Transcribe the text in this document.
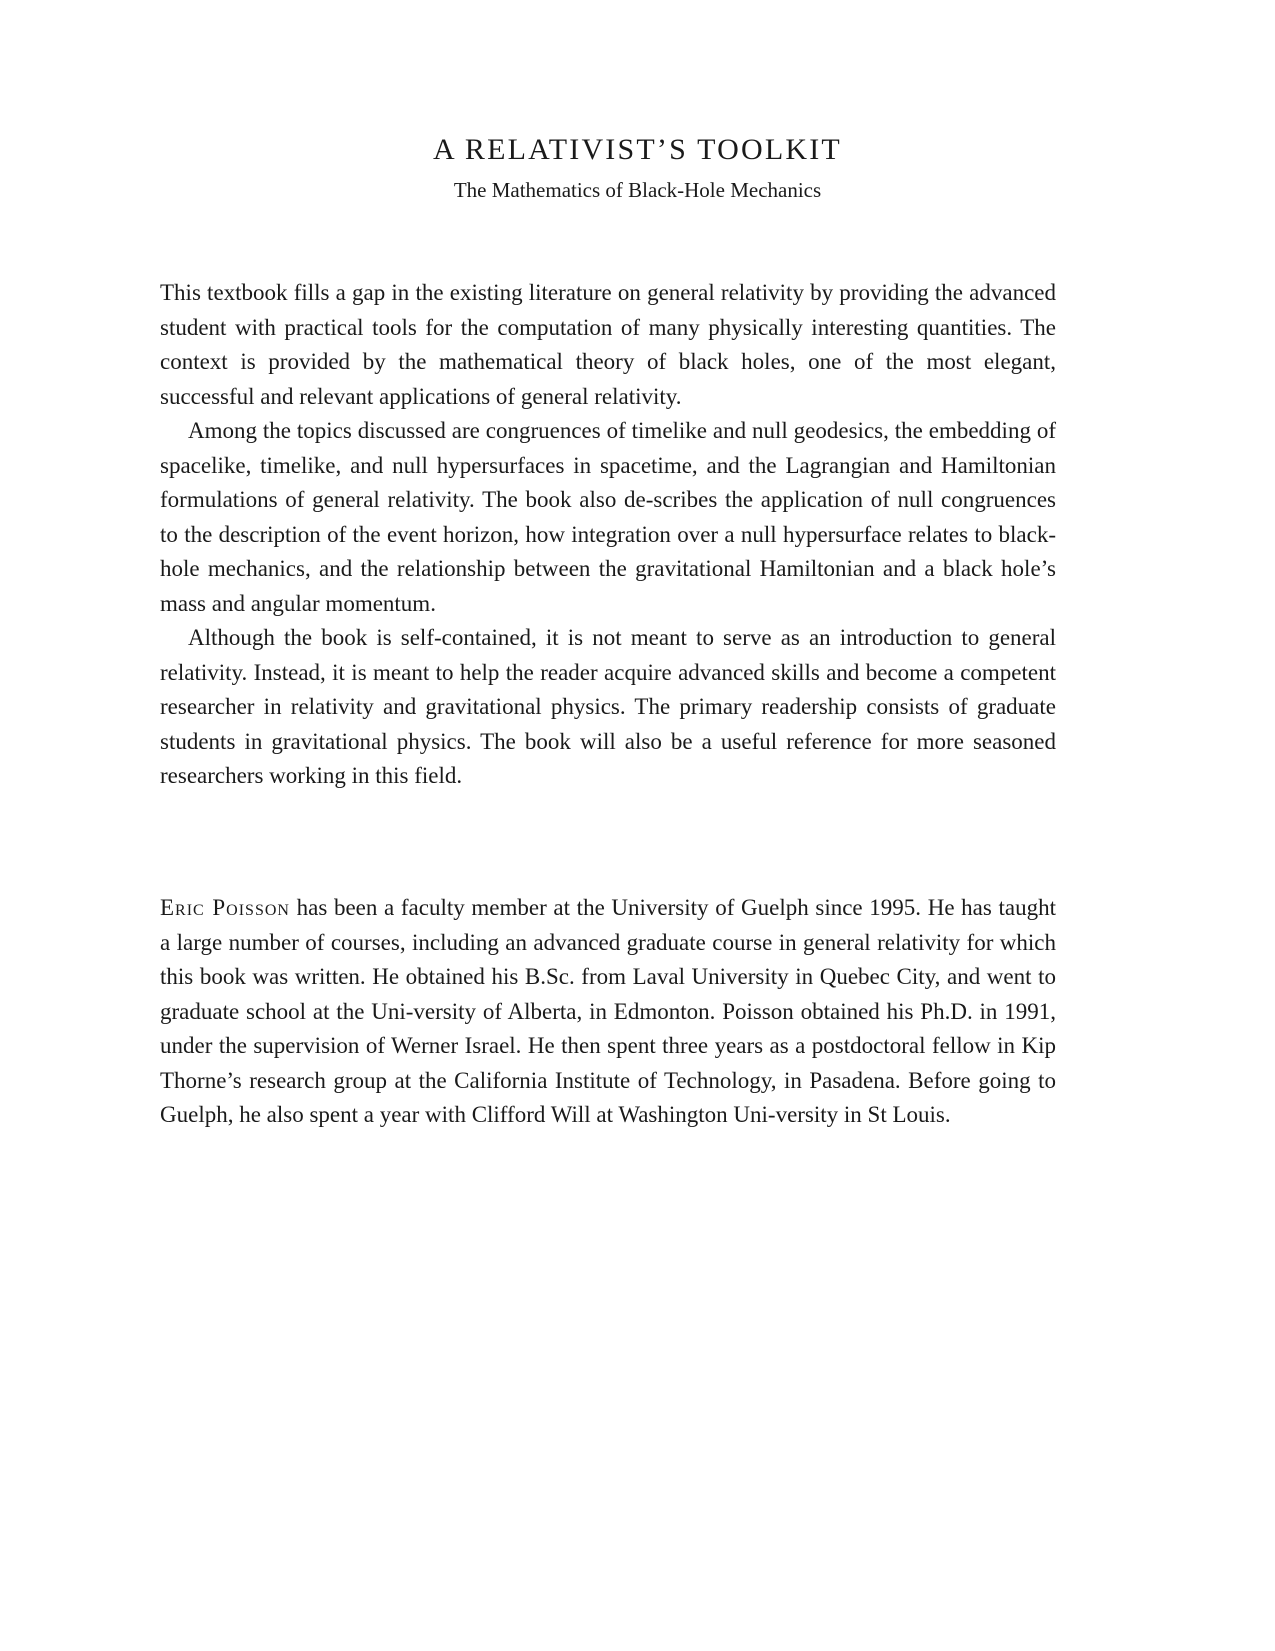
A RELATIVIST’S TOOLKIT
The Mathematics of Black-Hole Mechanics

This textbook fills a gap in the existing literature on general relativity by providing the advanced student with practical tools for the computation of many physically interesting quantities. The context is provided by the mathematical theory of black holes, one of the most elegant, successful and relevant applications of general relativity.

Among the topics discussed are congruences of timelike and null geodesics, the embedding of spacelike, timelike, and null hypersurfaces in spacetime, and the Lagrangian and Hamiltonian formulations of general relativity. The book also de-scribes the application of null congruences to the description of the event horizon, how integration over a null hypersurface relates to black-hole mechanics, and the relationship between the gravitational Hamiltonian and a black hole’s mass and angular momentum.

Although the book is self-contained, it is not meant to serve as an introduction to general relativity. Instead, it is meant to help the reader acquire advanced skills and become a competent researcher in relativity and gravitational physics. The primary readership consists of graduate students in gravitational physics. The book will also be a useful reference for more seasoned researchers working in this field.

Eric Poisson has been a faculty member at the University of Guelph since 1995. He has taught a large number of courses, including an advanced graduate course in general relativity for which this book was written. He obtained his B.Sc. from Laval University in Quebec City, and went to graduate school at the Uni-versity of Alberta, in Edmonton. Poisson obtained his Ph.D. in 1991, under the supervision of Werner Israel. He then spent three years as a postdoctoral fellow in Kip Thorne’s research group at the California Institute of Technology, in Pasadena. Before going to Guelph, he also spent a year with Clifford Will at Washington Uni-versity in St Louis.
